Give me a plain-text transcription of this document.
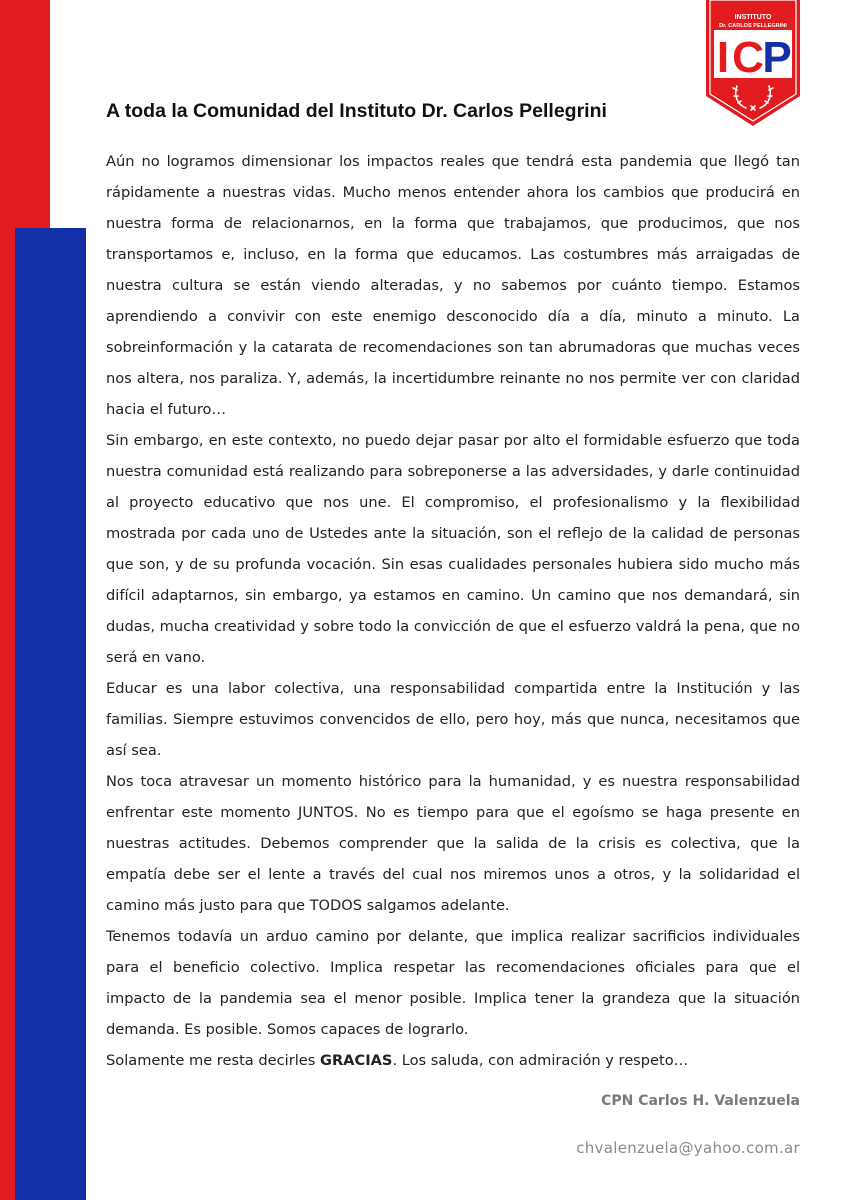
INSTITUTO
Dr. CARLOS PELLEGRINI
I C
P
A toda la Comunidad del Instituto Dr. Carlos Pellegrini

Aún no logramos dimensionar los impactos reales que tendrá esta pandemia que llegó tan rápidamente a nuestras vidas. Mucho menos entender ahora los cambios que producirá en nuestra forma de relacionarnos, en la forma que trabajamos, que producimos, que nos transportamos e, incluso, en la forma que educamos. Las costumbres más arraigadas de nuestra cultura se están viendo alteradas, y no sabemos por cuánto tiempo. Estamos aprendiendo a convivir con este enemigo desconocido día a día, minuto a minuto. La sobreinformación y la catarata de recomendaciones son tan abrumadoras que muchas veces nos altera, nos paraliza. Y, además, la incertidumbre reinante no nos permite ver con claridad hacia el futuro…

Sin embargo, en este contexto, no puedo dejar pasar por alto el formidable esfuerzo que toda nuestra comunidad está realizando para sobreponerse a las adversidades, y darle continuidad al proyecto educativo que nos une. El compromiso, el profesionalismo y la flexibilidad mostrada por cada uno de Ustedes ante la situación, son el reflejo de la calidad de personas que son, y de su profunda vocación. Sin esas cualidades personales hubiera sido mucho más difícil adaptarnos, sin embargo, ya estamos en camino. Un camino que nos demandará, sin dudas, mucha creatividad y sobre todo la convicción de que el esfuerzo valdrá la pena, que no será en vano.

Educar es una labor colectiva, una responsabilidad compartida entre la Institución y las familias. Siempre estuvimos convencidos de ello, pero hoy, más que nunca, necesitamos que así sea.

Nos toca atravesar un momento histórico para la humanidad, y es nuestra responsabilidad enfrentar este momento JUNTOS. No es tiempo para que el egoísmo se haga presente en nuestras actitudes. Debemos comprender que la salida de la crisis es colectiva, que la empatía debe ser el lente a través del cual nos miremos unos a otros, y la solidaridad el camino más justo para que TODOS salgamos adelante.

Tenemos todavía un arduo camino por delante, que implica realizar sacrificios individuales para el beneficio colectivo. Implica respetar las recomendaciones oficiales para que el impacto de la pandemia sea el menor posible. Implica tener la grandeza que la situación demanda. Es posible. Somos capaces de lograrlo.

Solamente me resta decirles GRACIAS. Los saluda, con admiración y respeto…

CPN Carlos H. Valenzuela
chvalenzuela@yahoo.com.ar
